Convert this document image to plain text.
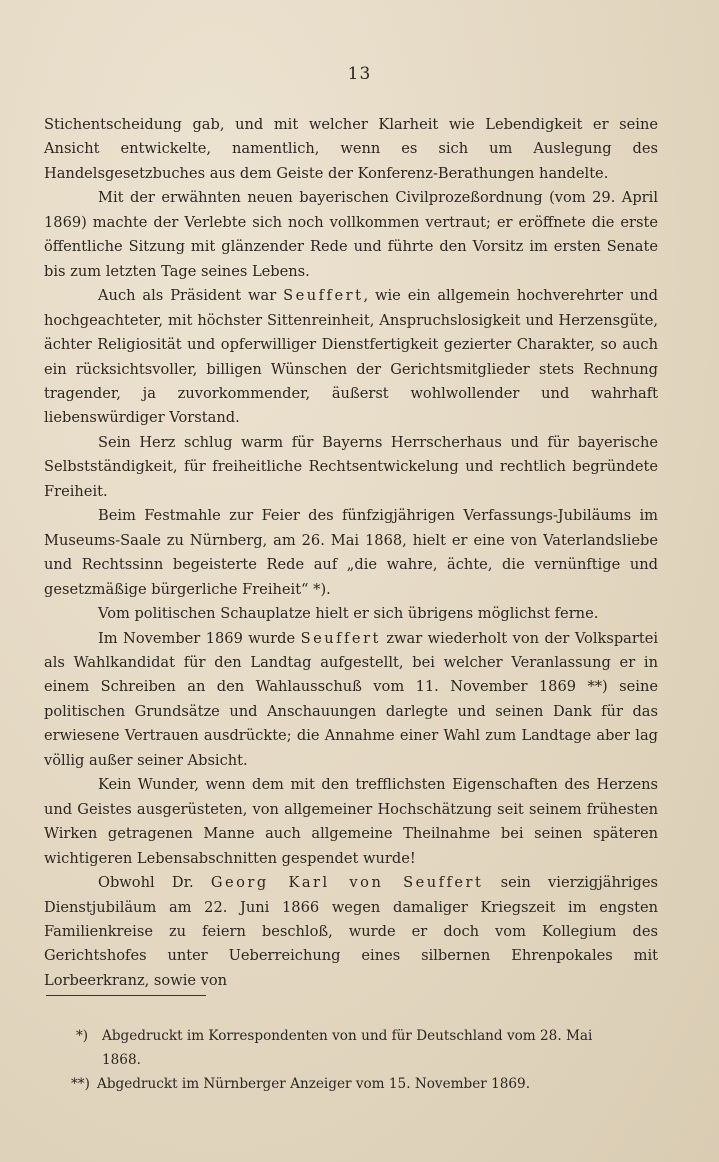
13

Stichentscheidung gab, und mit welcher Klarheit wie Lebendigkeit er seine Ansicht entwickelte, namentlich, wenn es sich um Auslegung des Handelsgesetzbuches aus dem Geiste der Konferenz-Berathungen handelte.

Mit der erwähnten neuen bayerischen Civilprozeßordnung (vom 29. April 1869) machte der Verlebte sich noch vollkommen vertraut; er eröffnete die erste öffentliche Sitzung mit glänzender Rede und führte den Vorsitz im ersten Senate bis zum letzten Tage seines Lebens.

Auch als Präsident war Seuffert, wie ein allgemein hochverehrter und hochgeachteter, mit höchster Sittenreinheit, Anspruchslosigkeit und Herzensgüte, ächter Religiosität und opferwilliger Dienstfertigkeit gezierter Charakter, so auch ein rücksichtsvoller, billigen Wünschen der Gerichtsmitglieder stets Rechnung tragender, ja zuvorkommender, äußerst wohlwollender und wahrhaft liebenswürdiger Vorstand.

Sein Herz schlug warm für Bayerns Herrscherhaus und für bayerische Selbstständigkeit, für freiheitliche Rechtsentwickelung und rechtlich begründete Freiheit.

Beim Festmahle zur Feier des fünfzigjährigen Verfassungs-Jubiläums im Museums-Saale zu Nürnberg, am 26. Mai 1868, hielt er eine von Vaterlandsliebe und Rechtssinn begeisterte Rede auf „die wahre, ächte, die vernünftige und gesetzmäßige bürgerliche Freiheit“ *).

Vom politischen Schauplatze hielt er sich übrigens möglichst ferne.

Im November 1869 wurde Seuffert zwar wiederholt von der Volkspartei als Wahlkandidat für den Landtag aufgestellt, bei welcher Veranlassung er in einem Schreiben an den Wahlausschuß vom 11. November 1869 **) seine politischen Grundsätze und Anschauungen darlegte und seinen Dank für das erwiesene Vertrauen ausdrückte; die Annahme einer Wahl zum Landtage aber lag völlig außer seiner Absicht.

Kein Wunder, wenn dem mit den trefflichsten Eigenschaften des Herzens und Geistes ausgerüsteten, von allgemeiner Hochschätzung seit seinem frühesten Wirken getragenen Manne auch allgemeine Theilnahme bei seinen späteren wichtigeren Lebensabschnitten gespendet wurde!

Obwohl Dr. Georg Karl von Seuffert sein vierzigjähriges Dienstjubiläum am 22. Juni 1866 wegen damaliger Kriegszeit im engsten Familienkreise zu feiern beschloß, wurde er doch vom Kollegium des Gerichtshofes unter Ueberreichung eines silbernen Ehrenpokales mit Lorbeerkranz, sowie von

*) Abgedruckt im Korrespondenten von und für Deutschland vom 28. Mai
1868.

**) Abgedruckt im Nürnberger Anzeiger vom 15. November 1869.
